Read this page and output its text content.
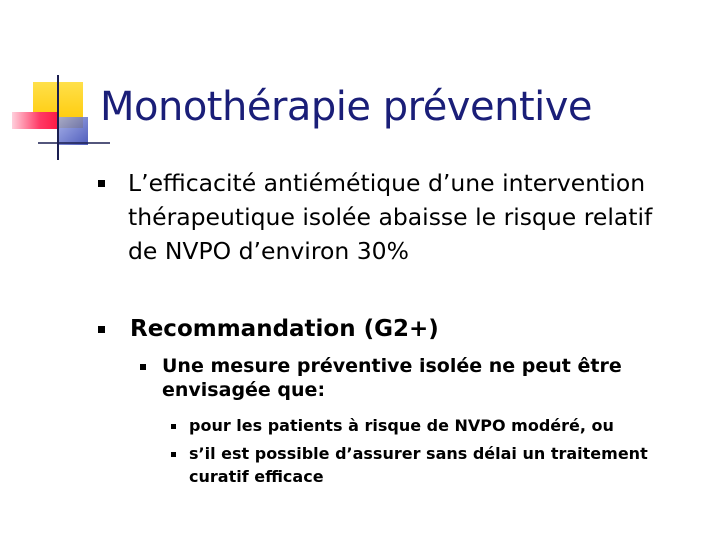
Monothérapie préventive
L’efficacité antiémétique d’une intervention
thérapeutique isolée abaisse le risque relatif
de NVPO d’environ 30%
Recommandation (G2+)
Une mesure préventive isolée ne peut être
envisagée que:
pour les patients à risque de NVPO modéré, ou
s’il est possible d’assurer sans délai un traitement
curatif efficace
